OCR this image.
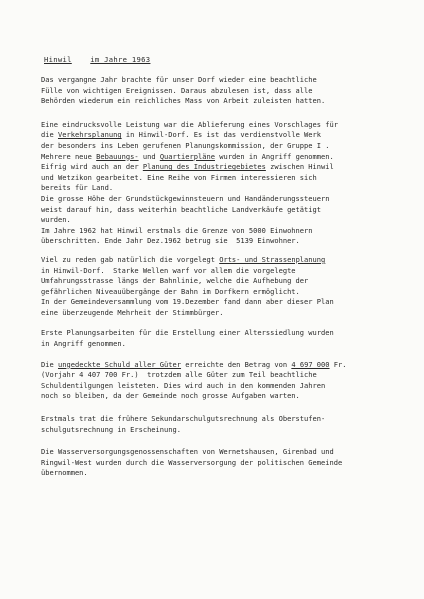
Hinwil	im Jahre 1963
Das vergangne Jahr brachte für unser Dorf wieder eine beachtliche
Fülle von wichtigen Ereignissen. Daraus abzulesen ist, dass alle
Behörden wiederum ein reichliches Mass von Arbeit zuleisten hatten.
Eine eindrucksvolle Leistung war die Ablieferung eines Vorschlages für
die Verkehrsplanung in Hinwil-Dorf. Es ist das verdienstvolle Werk
der besonders ins Leben gerufenen Planungskommission, der Gruppe I .
Mehrere neue Bebauungs- und Quartierpläne wurden in Angriff genommen.
Eifrig wird auch an der Planung des Industriegebietes zwischen Hinwil
und Wetzikon gearbeitet. Eine Reihe von Firmen interessieren sich
bereits für Land.
Die grosse Höhe der Grundstückgewinnsteuern und Handänderungssteuern
weist darauf hin, dass weiterhin beachtliche Landverkäufe getätigt
wurden.
Im Jahre 1962 hat Hinwil erstmals die Grenze von 5000 Einwohnern
überschritten. Ende Jahr Dez.1962 betrug sie  5139 Einwohner.
Viel zu reden gab natürlich die vorgelegt Orts- und Strassenplanung
in Hinwil-Dorf.  Starke Wellen warf vor allem die vorgelegte
Umfahrungsstrasse längs der Bahnlinie, welche die Aufhebung der
gefährlichen Niveauübergänge der Bahn im Dorfkern ermöglicht.
In der Gemeindeversammlung vom 19.Dezember fand dann aber dieser Plan
eine überzeugende Mehrheit der Stimmbürger.
Erste Planungsarbeiten für die Erstellung einer Alterssiedlung wurden
in Angriff genommen.
Die ungedeckte Schuld aller Güter erreichte den Betrag von 4 697 000 Fr.
(Vorjahr 4 407 700 Fr.)  trotzdem alle Güter zum Teil beachtliche
Schuldentilgungen leisteten. Dies wird auch in den kommenden Jahren
noch so bleiben, da der Gemeinde noch grosse Aufgaben warten.
Erstmals trat die frühere Sekundarschulgutsrechnung als Oberstufen-
schulgutsrechnung in Erscheinung.
Die Wasserversorgungsgenossenschaften von Wernetshausen, Girenbad und
Ringwil-West wurden durch die Wasserversorgung der politischen Gemeinde
übernommen.
